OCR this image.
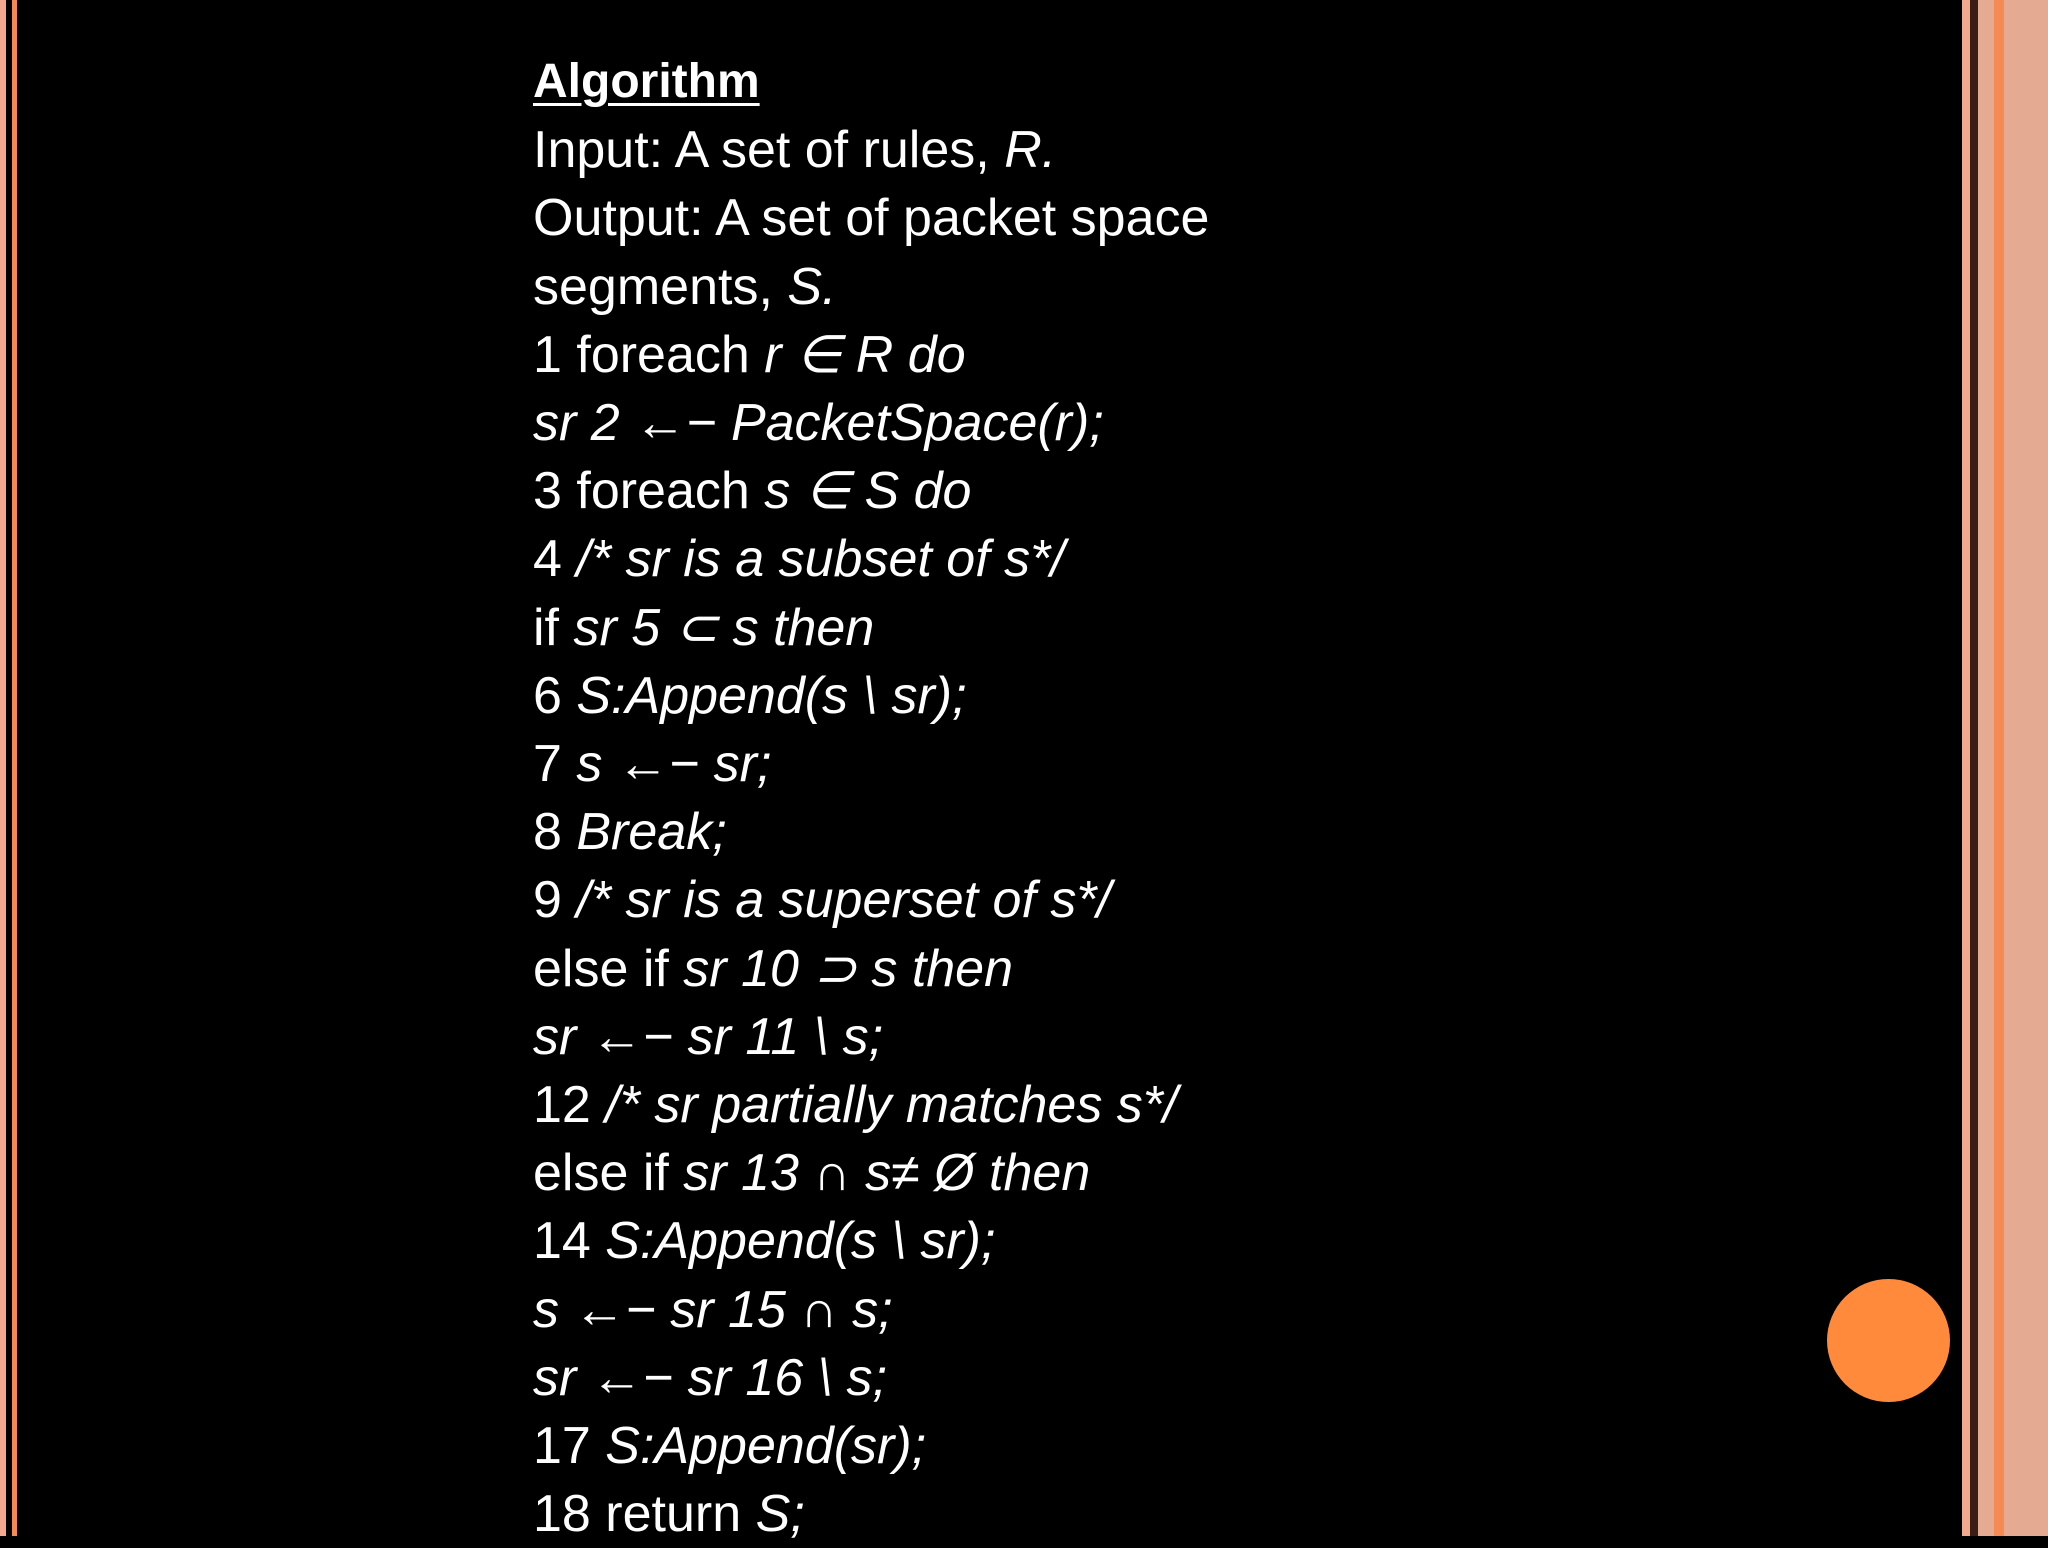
Algorithm
Input: A set of rules, R.
Output: A set of packet space
segments, S.
1 foreach r ∈ R do
sr 2 ←− PacketSpace(r);
3 foreach s ∈ S do
4 /* sr is a subset of s*/
if sr 5 ⊂ s then
6 S:Append(s \ sr);
7 s ←− sr;
8 Break;
9 /* sr is a superset of s*/
else if sr 10 ⊃ s then
sr ←− sr 11 \ s;
12 /* sr partially matches s*/
else if sr 13 ∩ s≠ Ø then
14 S:Append(s \ sr);
s ←− sr 15 ∩ s;
sr ←− sr 16 \ s;
17 S:Append(sr);
18 return S;
